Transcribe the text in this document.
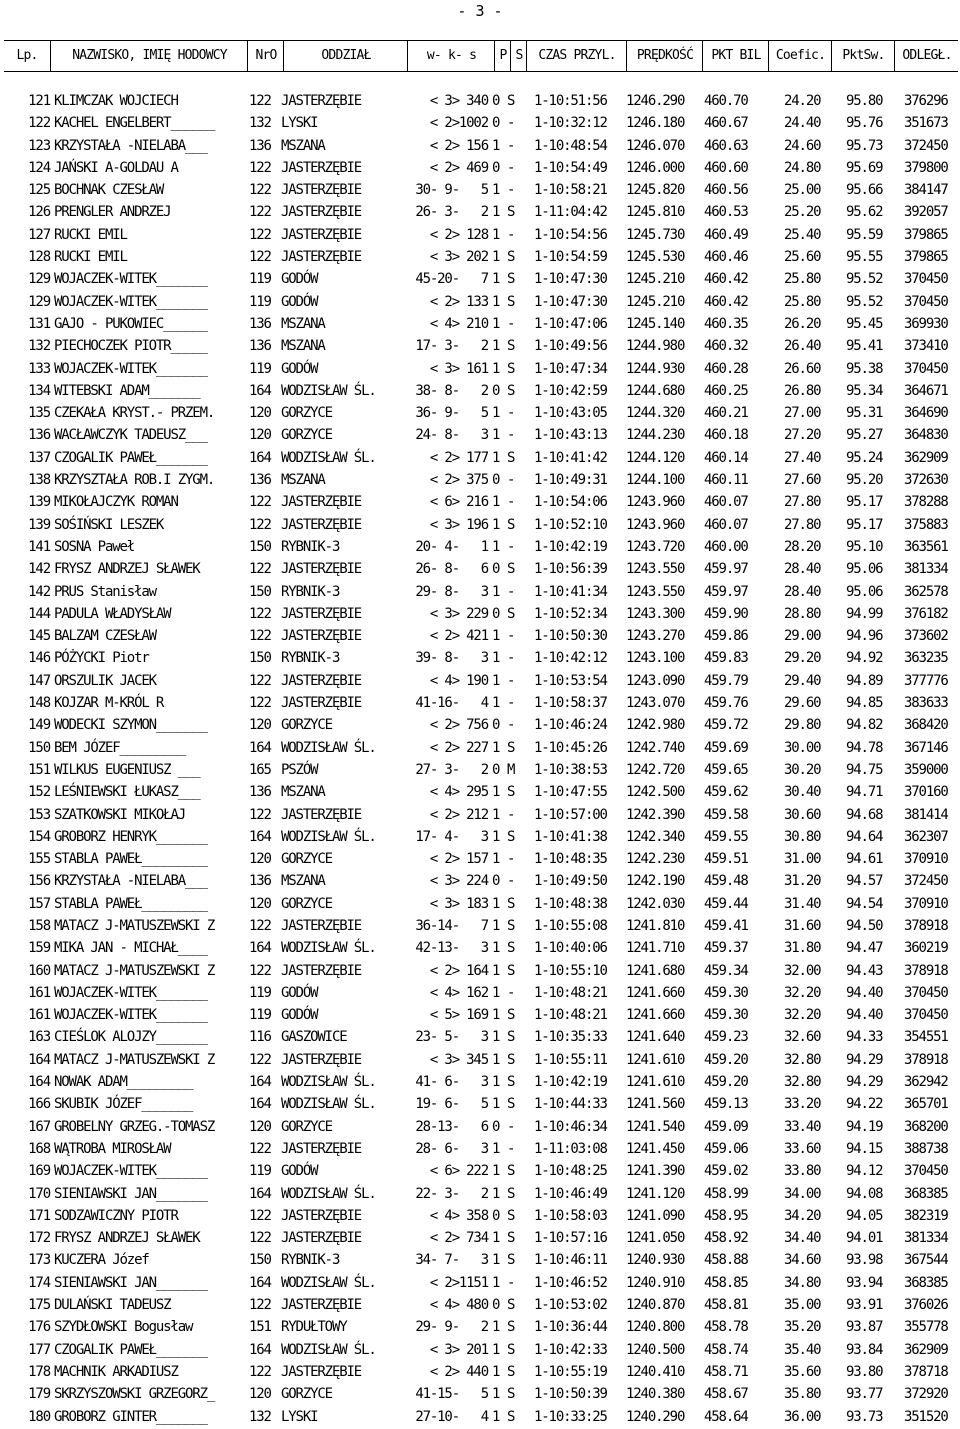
- 3 -
Lp.	NAZWISKO, IMIĘ HODOWCY	NrO	ODDZIAŁ	w- k- s	P S	CZAS PRZYL.	PRĘDKOŚĆ	PKT BIL	Coefic.	PktSw.	ODLEGŁ.
121 KLIMCZAK WOJCIECH	122 JASTERZĘBIE	< 3> 340 0 S	1-10:51:56	1246.290	460.70	24.20	95.80	376296
122 KACHEL ENGELBERT______	132 LYSKI	< 2> 1002 0 -	1-10:32:12	1246.180	460.67	24.40	95.76	351673
123 KRZYSTAŁA -NIELABA___	136 MSZANA	< 2> 156 1 -	1-10:48:54	1246.070	460.63	24.60	95.73	372450
124 JAŃSKI A-GOLDAU A	122 JASTERZĘBIE	< 2> 469 0 -	1-10:54:49	1246.000	460.60	24.80	95.69	379800
125 BOCHNAK CZESŁAW	122 JASTERZĘBIE	30- 9-	5 1 -	1-10:58:21	1245.820	460.56	25.00	95.66	384147
126 PRENGLER ANDRZEJ	122 JASTERZĘBIE	26- 3-	2 1 S	1-11:04:42	1245.810	460.53	25.20	95.62	392057
127 RUCKI EMIL	122 JASTERZĘBIE	< 2> 128 1 -	1-10:54:56	1245.730	460.49	25.40	95.59	379865
128 RUCKI EMIL	122 JASTERZĘBIE	< 3> 202 1 S	1-10:54:59	1245.530	460.46	25.60	95.55	379865
129 WOJACZEK-WITEK_______	119 GODÓW	45-20-	7 1 S	1-10:47:30	1245.210	460.42	25.80	95.52	370450
129 WOJACZEK-WITEK_______	119 GODÓW	< 2> 133 1 S	1-10:47:30	1245.210	460.42	25.80	95.52	370450
131 GAJO - PUKOWIEC______	136 MSZANA	< 4> 210 1 -	1-10:47:06	1245.140	460.35	26.20	95.45	369930
132 PIECHOCZEK PIOTR_____	136 MSZANA	17- 3-	2 1 S	1-10:49:56	1244.980	460.32	26.40	95.41	373410
133 WOJACZEK-WITEK_______	119 GODÓW	< 3> 161 1 S	1-10:47:34	1244.930	460.28	26.60	95.38	370450
134 WITEBSKI ADAM_______	164 WODZISŁAW ŚL.	38- 8-	2 0 S	1-10:42:59	1244.680	460.25	26.80	95.34	364671
135 CZEKAŁA KRYST.- PRZEM.	120 GORZYCE	36- 9-	5 1 -	1-10:43:05	1244.320	460.21	27.00	95.31	364690
136 WACŁAWCZYK TADEUSZ___	120 GORZYCE	24- 8-	3 1 -	1-10:43:13	1244.230	460.18	27.20	95.27	364830
137 CZOGALIK PAWEŁ_______	164 WODZISŁAW ŚL.	< 2> 177 1 S	1-10:41:42	1244.120	460.14	27.40	95.24	362909
138 KRZYSZTAŁA ROB.I ZYGM.	136 MSZANA	< 2> 375 0 -	1-10:49:31	1244.100	460.11	27.60	95.20	372630
139 MIKOŁAJCZYK ROMAN	122 JASTERZĘBIE	< 6> 216 1 -	1-10:54:06	1243.960	460.07	27.80	95.17	378288
139 SOŚIŃSKI LESZEK	122 JASTERZĘBIE	< 3> 196 1 S	1-10:52:10	1243.960	460.07	27.80	95.17	375883
141 SOSNA Paweł	150 RYBNIK-3	20- 4-	1 1 -	1-10:42:19	1243.720	460.00	28.20	95.10	363561
142 FRYSZ ANDRZEJ SŁAWEK	122 JASTERZĘBIE	26- 8-	6 0 S	1-10:56:39	1243.550	459.97	28.40	95.06	381334
142 PRUS Stanisław	150 RYBNIK-3	29- 8-	3 1 -	1-10:41:34	1243.550	459.97	28.40	95.06	362578
144 PADULA WŁADYSŁAW	122 JASTERZĘBIE	< 3> 229 0 S	1-10:52:34	1243.300	459.90	28.80	94.99	376182
145 BALZAM CZESŁAW	122 JASTERZĘBIE	< 2> 421 1 -	1-10:50:30	1243.270	459.86	29.00	94.96	373602
146 PÓŻYCKI Piotr	150 RYBNIK-3	39- 8-	3 1 -	1-10:42:12	1243.100	459.83	29.20	94.92	363235
147 ORSZULIK JACEK	122 JASTERZĘBIE	< 4> 190 1 -	1-10:53:54	1243.090	459.79	29.40	94.89	377776
148 KOJZAR M-KRÓL R	122 JASTERZĘBIE	41-16-	4 1 -	1-10:58:37	1243.070	459.76	29.60	94.85	383633
149 WODECKI SZYMON_______	120 GORZYCE	< 2> 756 0 -	1-10:46:24	1242.980	459.72	29.80	94.82	368420
150 BEM JÓZEF_________	164 WODZISŁAW ŚL.	< 2> 227 1 S	1-10:45:26	1242.740	459.69	30.00	94.78	367146
151 WILKUS EUGENIUSZ ___	165 PSZÓW	27- 3-	2 0 M	1-10:38:53	1242.720	459.65	30.20	94.75	359000
152 LEŚNIEWSKI ŁUKASZ___	136 MSZANA	< 4> 295 1 S	1-10:47:55	1242.500	459.62	30.40	94.71	370160
153 SZATKOWSKI MIKOŁAJ	122 JASTERZĘBIE	< 2> 212 1 -	1-10:57:00	1242.390	459.58	30.60	94.68	381414
154 GROBORZ HENRYK_______	164 WODZISŁAW ŚL.	17- 4-	3 1 S	1-10:41:38	1242.340	459.55	30.80	94.64	362307
155 STABLA PAWEŁ_________	120 GORZYCE	< 2> 157 1 -	1-10:48:35	1242.230	459.51	31.00	94.61	370910
156 KRZYSTAŁA -NIELABA___	136 MSZANA	< 3> 224 0 -	1-10:49:50	1242.190	459.48	31.20	94.57	372450
157 STABLA PAWEŁ_________	120 GORZYCE	< 3> 183 1 S	1-10:48:38	1242.030	459.44	31.40	94.54	370910
158 MATACZ J-MATUSZEWSKI Z	122 JASTERZĘBIE	36-14-	7 1 S	1-10:55:08	1241.810	459.41	31.60	94.50	378918
159 MIKA JAN - MICHAŁ____	164 WODZISŁAW ŚL.	42-13-	3 1 S	1-10:40:06	1241.710	459.37	31.80	94.47	360219
160 MATACZ J-MATUSZEWSKI Z	122 JASTERZĘBIE	< 2> 164 1 S	1-10:55:10	1241.680	459.34	32.00	94.43	378918
161 WOJACZEK-WITEK_______	119 GODÓW	< 4> 162 1 -	1-10:48:21	1241.660	459.30	32.20	94.40	370450
161 WOJACZEK-WITEK_______	119 GODÓW	< 5> 169 1 S	1-10:48:21	1241.660	459.30	32.20	94.40	370450
163 CIEŚLOK ALOJZY_______	116 GASZOWICE	23- 5-	3 1 S	1-10:35:33	1241.640	459.23	32.60	94.33	354551
164 MATACZ J-MATUSZEWSKI Z	122 JASTERZĘBIE	< 3> 345 1 S	1-10:55:11	1241.610	459.20	32.80	94.29	378918
164 NOWAK ADAM_________	164 WODZISŁAW ŚL.	41- 6-	3 1 S	1-10:42:19	1241.610	459.20	32.80	94.29	362942
166 SKUBIK JÓZEF_______	164 WODZISŁAW ŚL.	19- 6-	5 1 S	1-10:44:33	1241.560	459.13	33.20	94.22	365701
167 GROBELNY GRZEG.-TOMASZ	120 GORZYCE	28-13-	6 0 -	1-10:46:34	1241.540	459.09	33.40	94.19	368200
168 WĄTROBA MIROSŁAW	122 JASTERZĘBIE	28- 6-	3 1 -	1-11:03:08	1241.450	459.06	33.60	94.15	388738
169 WOJACZEK-WITEK_______	119 GODÓW	< 6> 222 1 S	1-10:48:25	1241.390	459.02	33.80	94.12	370450
170 SIENIAWSKI JAN_______	164 WODZISŁAW ŚL.	22- 3-	2 1 S	1-10:46:49	1241.120	458.99	34.00	94.08	368385
171 SODZAWICZNY PIOTR	122 JASTERZĘBIE	< 4> 358 0 S	1-10:58:03	1241.090	458.95	34.20	94.05	382319
172 FRYSZ ANDRZEJ SŁAWEK	122 JASTERZĘBIE	< 2> 734 1 S	1-10:57:16	1241.050	458.92	34.40	94.01	381334
173 KUCZERA Józef	150 RYBNIK-3	34- 7-	3 1 S	1-10:46:11	1240.930	458.88	34.60	93.98	367544
174 SIENIAWSKI JAN_______	164 WODZISŁAW ŚL.	< 2> 1151 1 -	1-10:46:52	1240.910	458.85	34.80	93.94	368385
175 DULAŃSKI TADEUSZ	122 JASTERZĘBIE	< 4> 480 0 S	1-10:53:02	1240.870	458.81	35.00	93.91	376026
176 SZYDŁOWSKI Bogusław	151 RYDUŁTOWY	29- 9-	2 1 S	1-10:36:44	1240.800	458.78	35.20	93.87	355778
177 CZOGALIK PAWEŁ_______	164 WODZISŁAW ŚL.	< 3> 201 1 S	1-10:42:33	1240.500	458.74	35.40	93.84	362909
178 MACHNIK ARKADIUSZ	122 JASTERZĘBIE	< 2> 440 1 S	1-10:55:19	1240.410	458.71	35.60	93.80	378718
179 SKRZYSZOWSKI GRZEGORZ_	120 GORZYCE	41-15-	5 1 S	1-10:50:39	1240.380	458.67	35.80	93.77	372920
180 GROBORZ GINTER_______	132 LYSKI	27-10-	4 1 S	1-10:33:25	1240.290	458.64	36.00	93.73	351520
